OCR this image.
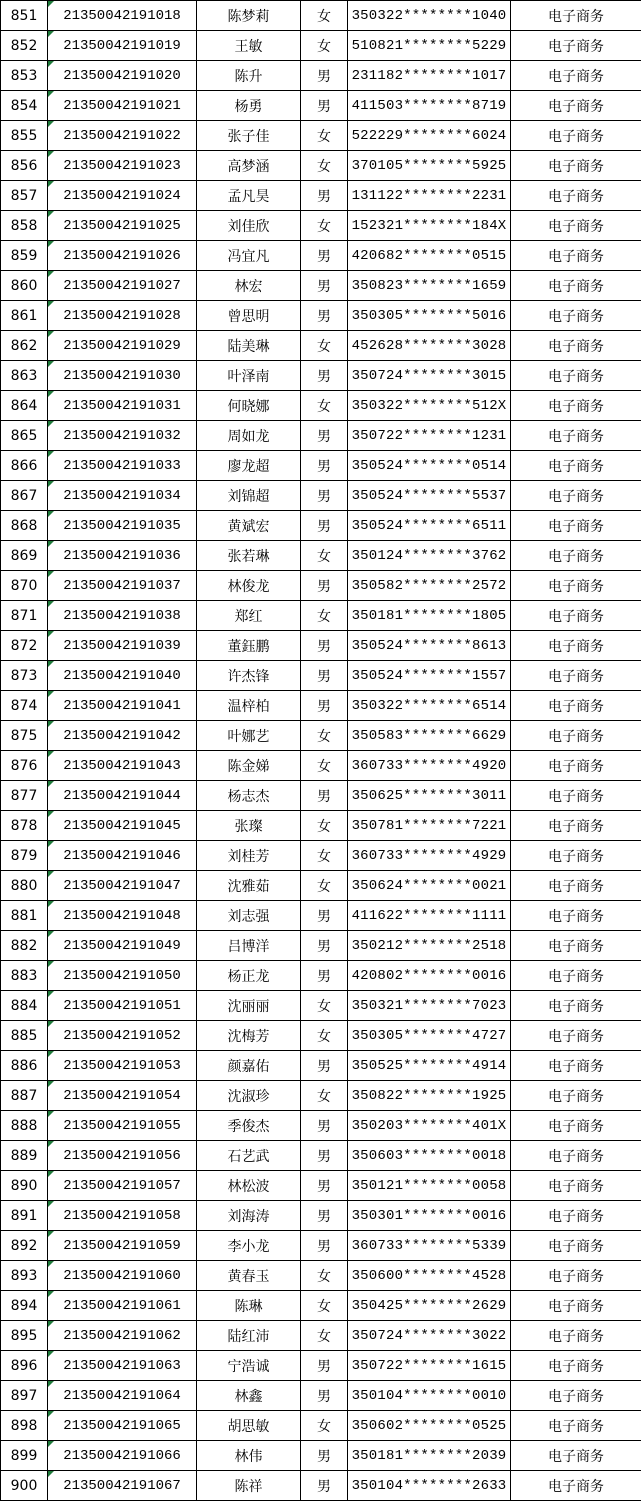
851	21350042191018	陈梦莉	女	350322********1040	电子商务
852	21350042191019	王敏	女	510821********5229	电子商务
853	21350042191020	陈升	男	231182********1017	电子商务
854	21350042191021	杨勇	男	411503********8719	电子商务
855	21350042191022	张子佳	女	522229********6024	电子商务
856	21350042191023	高梦涵	女	370105********5925	电子商务
857	21350042191024	孟凡昊	男	131122********2231	电子商务
858	21350042191025	刘佳欣	女	152321********184X	电子商务
859	21350042191026	冯宜凡	男	420682********0515	电子商务
860	21350042191027	林宏	男	350823********1659	电子商务
861	21350042191028	曾思明	男	350305********5016	电子商务
862	21350042191029	陆美琳	女	452628********3028	电子商务
863	21350042191030	叶泽南	男	350724********3015	电子商务
864	21350042191031	何晓娜	女	350322********512X	电子商务
865	21350042191032	周如龙	男	350722********1231	电子商务
866	21350042191033	廖龙超	男	350524********0514	电子商务
867	21350042191034	刘锦超	男	350524********5537	电子商务
868	21350042191035	黄斌宏	男	350524********6511	电子商务
869	21350042191036	张若琳	女	350124********3762	电子商务
870	21350042191037	林俊龙	男	350582********2572	电子商务
871	21350042191038	郑红	女	350181********1805	电子商务
872	21350042191039	董鈺鹏	男	350524********8613	电子商务
873	21350042191040	许杰锋	男	350524********1557	电子商务
874	21350042191041	温梓柏	男	350322********6514	电子商务
875	21350042191042	叶娜艺	女	350583********6629	电子商务
876	21350042191043	陈金娣	女	360733********4920	电子商务
877	21350042191044	杨志杰	男	350625********3011	电子商务
878	21350042191045	张璨	女	350781********7221	电子商务
879	21350042191046	刘桂芳	女	360733********4929	电子商务
880	21350042191047	沈雅茹	女	350624********0021	电子商务
881	21350042191048	刘志强	男	411622********1111	电子商务
882	21350042191049	吕博洋	男	350212********2518	电子商务
883	21350042191050	杨正龙	男	420802********0016	电子商务
884	21350042191051	沈丽丽	女	350321********7023	电子商务
885	21350042191052	沈梅芳	女	350305********4727	电子商务
886	21350042191053	颜嘉佑	男	350525********4914	电子商务
887	21350042191054	沈淑珍	女	350822********1925	电子商务
888	21350042191055	季俊杰	男	350203********401X	电子商务
889	21350042191056	石艺武	男	350603********0018	电子商务
890	21350042191057	林松波	男	350121********0058	电子商务
891	21350042191058	刘海涛	男	350301********0016	电子商务
892	21350042191059	李小龙	男	360733********5339	电子商务
893	21350042191060	黄春玉	女	350600********4528	电子商务
894	21350042191061	陈琳	女	350425********2629	电子商务
895	21350042191062	陆红沛	女	350724********3022	电子商务
896	21350042191063	宁浩诚	男	350722********1615	电子商务
897	21350042191064	林鑫	男	350104********0010	电子商务
898	21350042191065	胡思敏	女	350602********0525	电子商务
899	21350042191066	林伟	男	350181********2039	电子商务
900	21350042191067	陈祥	男	350104********2633	电子商务
